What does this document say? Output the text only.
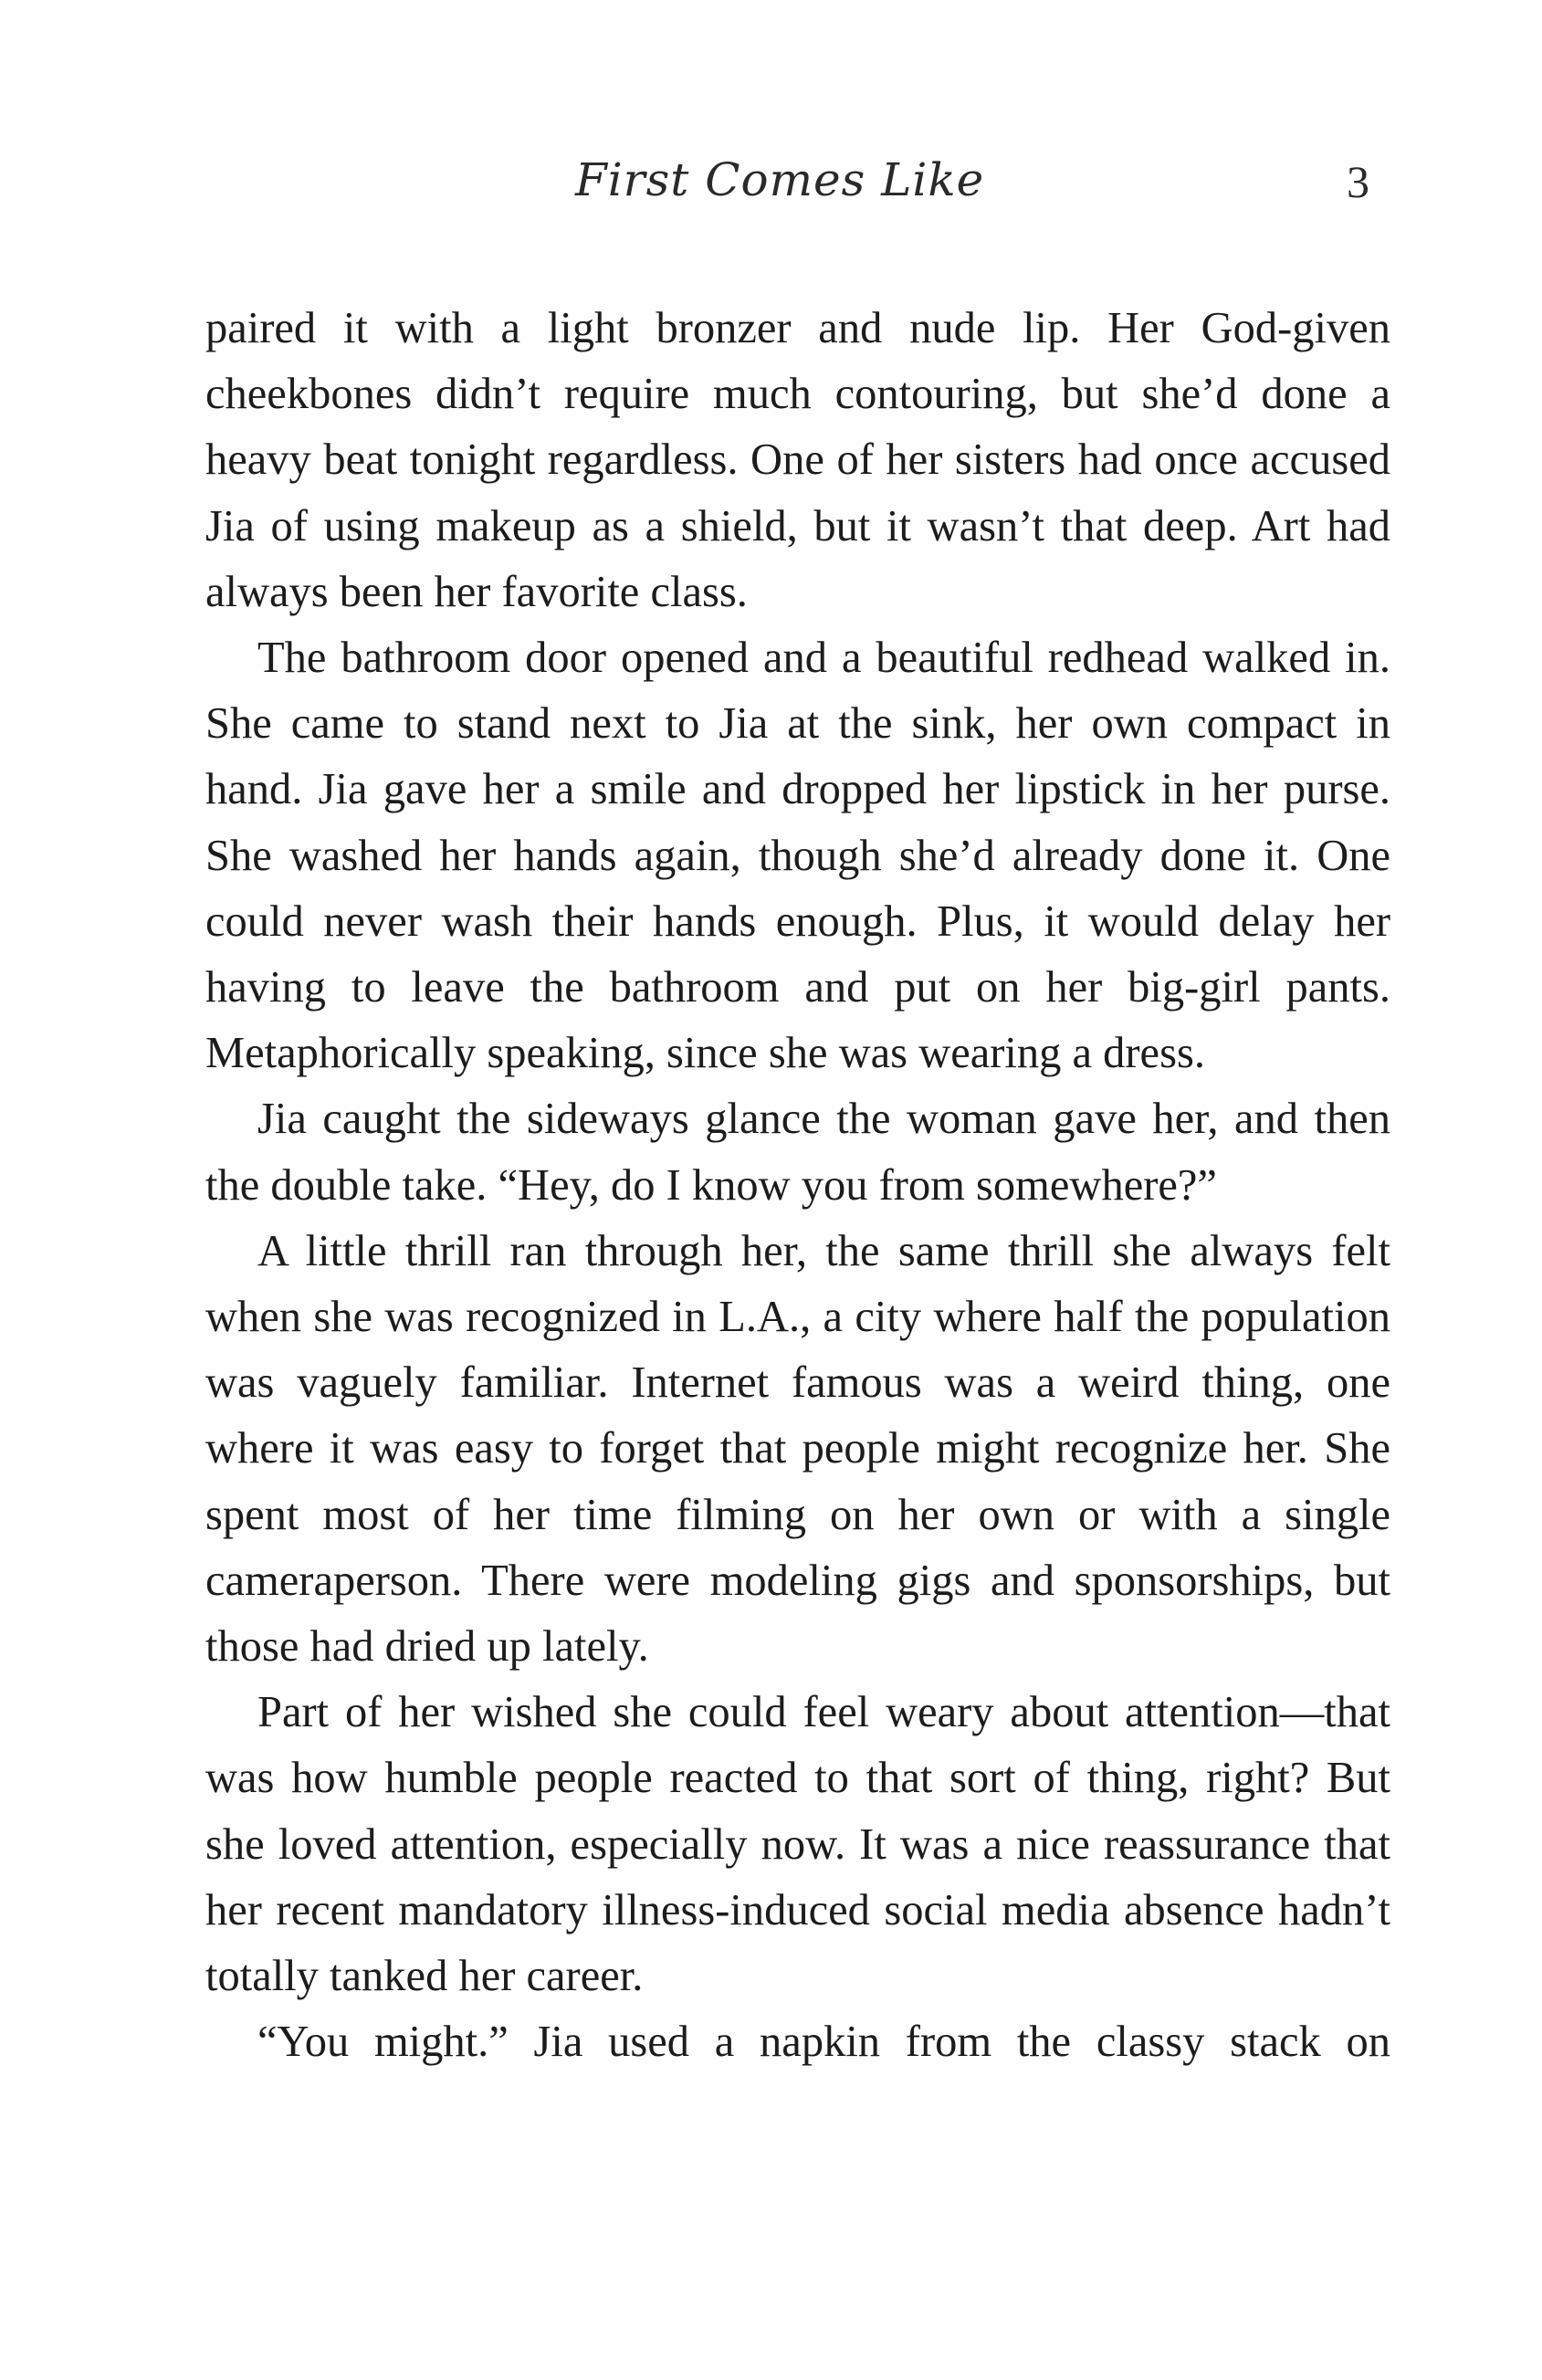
First Comes Like	3

paired it with a light bronzer and nude lip. Her God-given cheekbones didn’t require much contouring, but she’d done a heavy beat tonight regardless. One of her sisters had once accused Jia of using makeup as a shield, but it wasn’t that deep. Art had always been her favorite class.

The bathroom door opened and a beautiful redhead walked in. She came to stand next to Jia at the sink, her own compact in hand. Jia gave her a smile and dropped her lipstick in her purse. She washed her hands again, though she’d already done it. One could never wash their hands enough. Plus, it would delay her having to leave the bathroom and put on her big-girl pants. Metaphorically speaking, since she was wearing a dress.

Jia caught the sideways glance the woman gave her, and then the double take. “Hey, do I know you from somewhere?”

A little thrill ran through her, the same thrill she always felt when she was recognized in L.A., a city where half the population was vaguely familiar. Internet famous was a weird thing, one where it was easy to forget that people might recognize her. She spent most of her time filming on her own or with a single cameraperson. There were modeling gigs and sponsorships, but those had dried up lately.

Part of her wished she could feel weary about attention—that was how humble people reacted to that sort of thing, right? But she loved attention, especially now. It was a nice reassurance that her recent mandatory illness-induced social media absence hadn’t totally tanked her career.

“You might.” Jia used a napkin from the classy stack on
